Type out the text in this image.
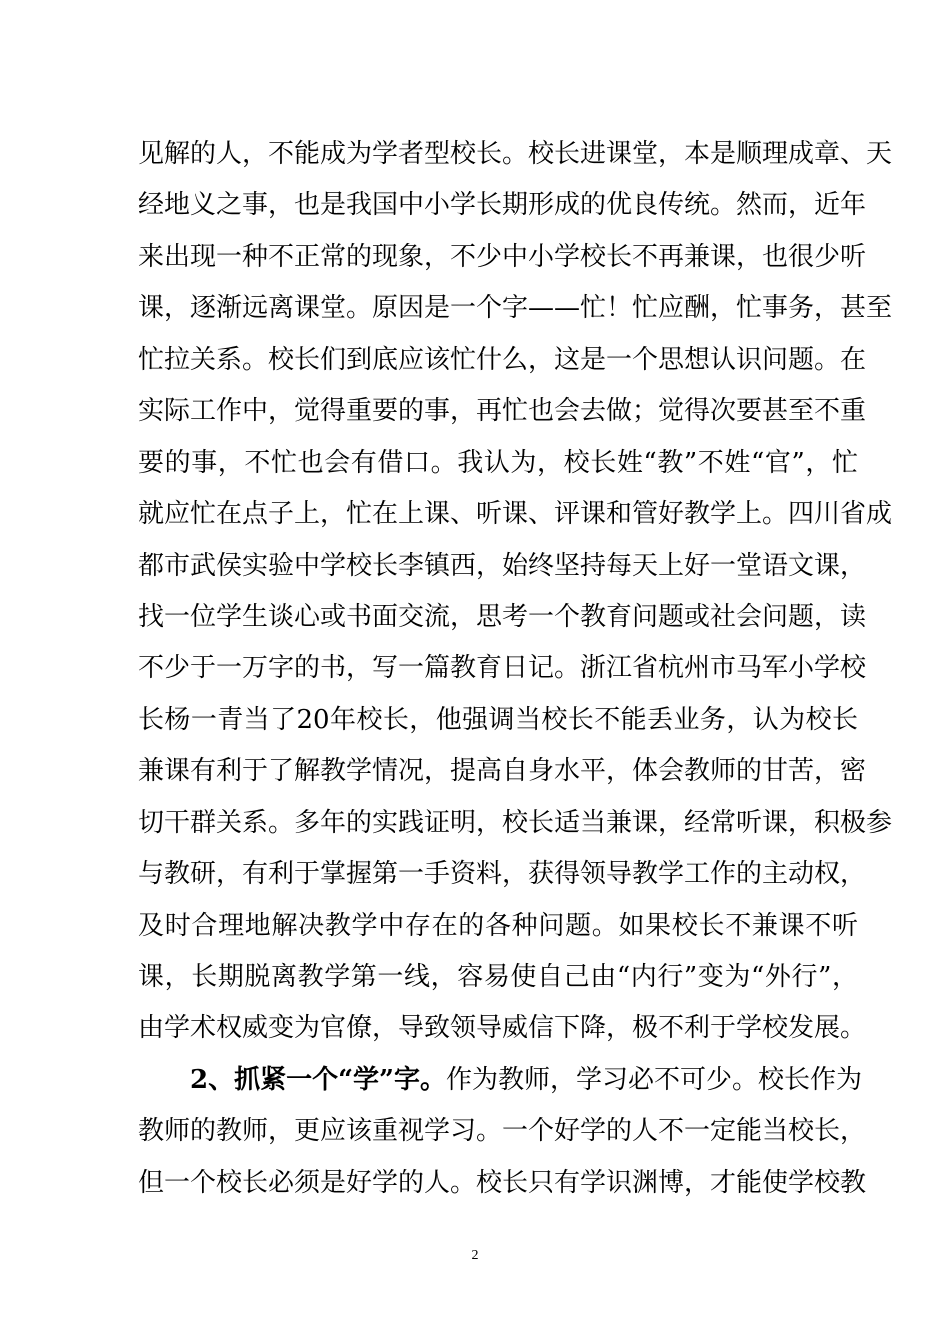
见解的人，不能成为学者型校长。校长进课堂，本是顺理成章、天
经地义之事，也是我国中小学长期形成的优良传统。然而，近年
来出现一种不正常的现象，不少中小学校长不再兼课，也很少听
课，逐渐远离课堂。原因是一个字——忙！忙应酬，忙事务，甚至
忙拉关系。校长们到底应该忙什么，这是一个思想认识问题。在
实际工作中，觉得重要的事，再忙也会去做；觉得次要甚至不重
要的事，不忙也会有借口。我认为，校长姓“教”不姓“官”，忙
就应忙在点子上，忙在上课、听课、评课和管好教学上。四川省成
都市武侯实验中学校长李镇西，始终坚持每天上好一堂语文课，
找一位学生谈心或书面交流，思考一个教育问题或社会问题，读
不少于一万字的书，写一篇教育日记。浙江省杭州市马军小学校
长杨一青当了20年校长，他强调当校长不能丢业务，认为校长
兼课有利于了解教学情况，提高自身水平，体会教师的甘苦，密
切干群关系。多年的实践证明，校长适当兼课，经常听课，积极参
与教研，有利于掌握第一手资料，获得领导教学工作的主动权，
及时合理地解决教学中存在的各种问题。如果校长不兼课不听
课，长期脱离教学第一线，容易使自己由“内行”变为“外行”，
由学术权威变为官僚，导致领导威信下降，极不利于学校发展。
2、抓紧一个“学”字。作为教师，学习必不可少。校长作为
教师的教师，更应该重视学习。一个好学的人不一定能当校长，
但一个校长必须是好学的人。校长只有学识渊博，才能使学校教
2
